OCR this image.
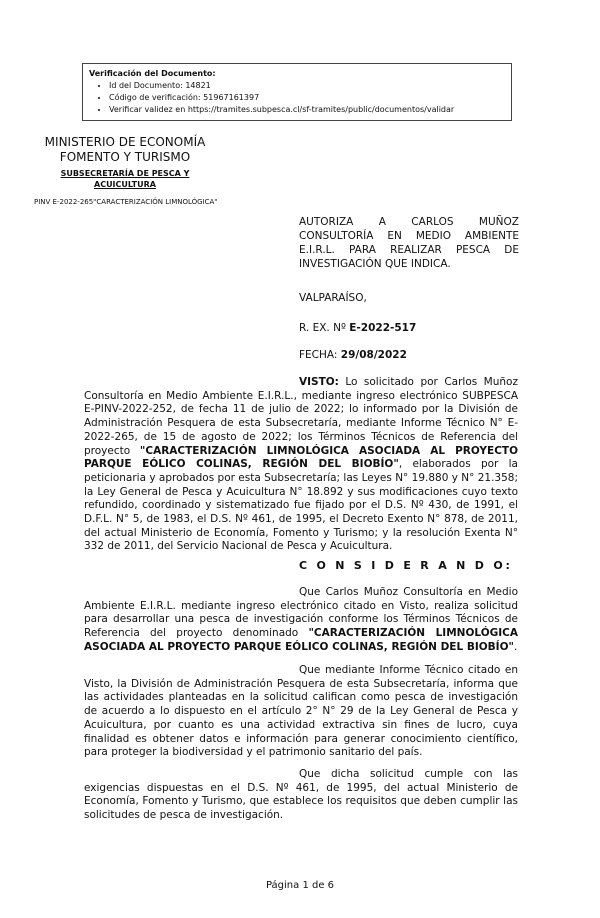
Verificación del Documento:
• Id del Documento: 14821
• Código de verificación: 51967161397
• Verificar validez en https://tramites.subpesca.cl/sf-tramites/public/documentos/validar
MINISTERIO DE ECONOMÍA
FOMENTO Y TURISMO
SUBSECRETARÍA DE PESCA Y
ACUICULTURA
PINV E-2022-265"CARACTERIZACIÓN LIMNOLÓGICA"
AUTORIZA A CARLOS MUÑOZ
CONSULTORÍA EN MEDIO AMBIENTE E.I.R.L. PARA REALIZAR PESCA DE INVESTIGACIÓN QUE INDICA.
VALPARAÍSO,
R. EX. Nº E-2022-517
FECHA: 29/08/2022
VISTO: Lo solicitado por Carlos Muñoz Consultoría en Medio Ambiente E.I.R.L., mediante ingreso electrónico SUBPESCA E-PINV-2022-252, de fecha 11 de julio de 2022; lo informado por la División de Administración Pesquera de esta Subsecretaría, mediante Informe Técnico N° E-2022-265, de 15 de agosto de 2022; los Términos Técnicos de Referencia del proyecto "CARACTERIZACIÓN LIMNOLÓGICA ASOCIADA AL PROYECTO PARQUE EÓLICO COLINAS, REGIÓN DEL BIOBÍO", elaborados por la peticionaria y aprobados por esta Subsecretaría; las Leyes N° 19.880 y N° 21.358; la Ley General de Pesca y Acuicultura N° 18.892 y sus modificaciones cuyo texto refundido, coordinado y sistematizado fue fijado por el D.S. Nº 430, de 1991, el D.F.L. N° 5, de 1983, el D.S. Nº 461, de 1995, el Decreto Exento N° 878, de 2011, del actual Ministerio de Economía, Fomento y Turismo; y la resolución Exenta N° 332 de 2011, del Servicio Nacional de Pesca y Acuicultura.
C O N S I D E R A N D O:
Que Carlos Muñoz Consultoría en Medio Ambiente E.I.R.L. mediante ingreso electrónico citado en Visto, realiza solicitud para desarrollar una pesca de investigación conforme los Términos Técnicos de Referencia del proyecto denominado "CARACTERIZACIÓN LIMNOLÓGICA ASOCIADA AL PROYECTO PARQUE EÓLICO COLINAS, REGIÓN DEL BIOBÍO".
Que mediante Informe Técnico citado en Visto, la División de Administración Pesquera de esta Subsecretaría, informa que las actividades planteadas en la solicitud califican como pesca de investigación de acuerdo a lo dispuesto en el artículo 2° N° 29 de la Ley General de Pesca y Acuicultura, por cuanto es una actividad extractiva sin fines de lucro, cuya finalidad es obtener datos e información para generar conocimiento científico, para proteger la biodiversidad y el patrimonio sanitario del país.
Que dicha solicitud cumple con las exigencias dispuestas en el D.S. Nº 461, de 1995, del actual Ministerio de Economía, Fomento y Turismo, que establece los requisitos que deben cumplir las solicitudes de pesca de investigación.
Página 1 de 6
